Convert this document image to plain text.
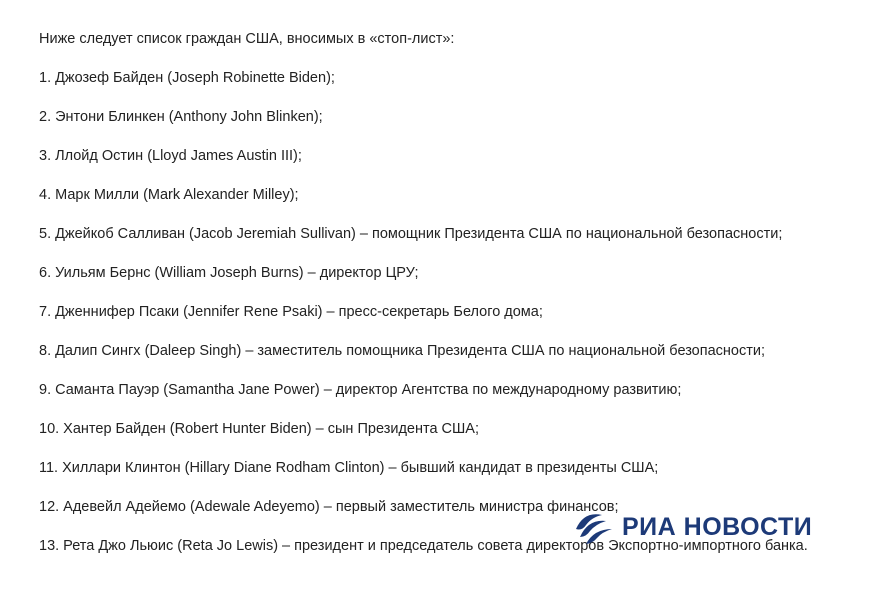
Ниже следует список граждан США, вносимых в «стоп-лист»:

1. Джозеф Байден (Joseph Robinette Biden);
2. Энтони Блинкен (Anthony John Blinken);
3. Ллойд Остин (Lloyd James Austin III);
4. Марк Милли (Mark Alexander Milley);
5. Джейкоб Салливан (Jacob Jeremiah Sullivan) – помощник Президента США по национальной безопасности;
6. Уильям Бернс (William Joseph Burns) – директор ЦРУ;
7. Дженнифер Псаки (Jennifer Rene Psaki) – пресс-секретарь Белого дома;
8. Далип Сингх (Daleep Singh) – заместитель помощника Президента США по национальной безопасности;
9. Саманта Пауэр (Samantha Jane Power) – директор Агентства по международному развитию;
10. Хантер Байден (Robert Hunter Biden) – сын Президента США;
11. Хиллари Клинтон (Hillary Diane Rodham Clinton) – бывший кандидат в президенты США;
12. Адевейл Адейемо (Adewale Adeyemo) – первый заместитель министра финансов;
13. Рета Джо Льюис (Reta Jo Lewis) – президент и председатель совета директоров Экспортно-импортного банка.
РИА НОВОСТИ
